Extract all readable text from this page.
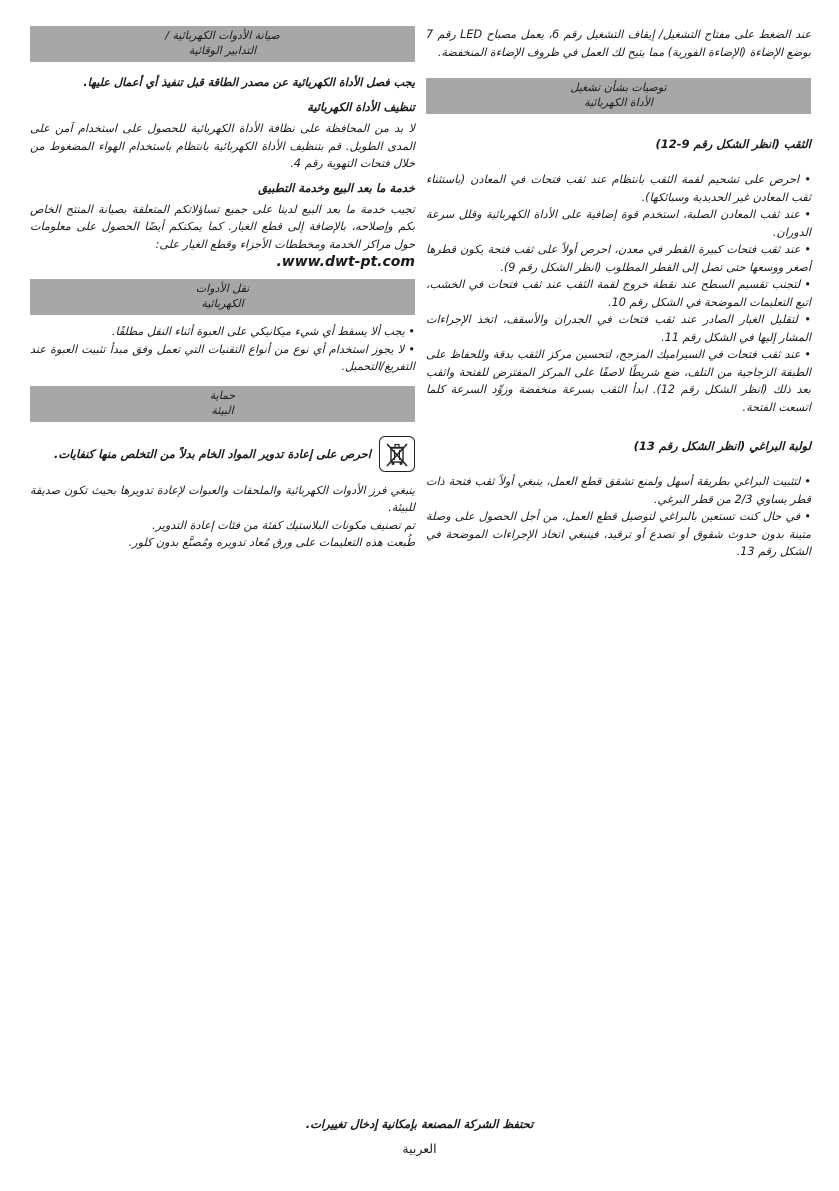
عند الضغط على مفتاح التشغيل/ إيقاف التشغيل رقم 6، يعمل مصباح LED رقم 7 بوضع الإضاءة (الإضاءة الفورية) مما يتيح لك العمل في ظروف الإضاءة المنخفضة.

توصيات بشأن تشغيل
الأداة الكهربائية
الثقب (انظر الشكل رقم 9-12)
• احرص على تشحيم لقمة الثقب بانتظام عند ثقب فتحات في المعادن (باستثناء ثقب المعادن غير الحديدية وسبائكها).
• عند ثقب المعادن الصلبة، استخدم قوة إضافية على الأداة الكهربائية وقلل سرعة الدوران.
• عند ثقب فتحات كبيرة القطر في معدن، احرص أولاً على ثقب فتحة يكون قطرها أصغر ووسعها حتى تصل إلى القطر المطلوب (انظر الشكل رقم 9).
• لتجنب تقسيم السطح عند نقطة خروج لقمة الثقب عند ثقب فتحات في الخشب، اتبع التعليمات الموضحة في الشكل رقم 10.
• لتقليل الغبار الصادر عند ثقب فتحات في الجدران والأسقف، اتخذ الإجراءات المشار إليها في الشكل رقم 11.
• عند ثقب فتحات في السيراميك المزجج، لتحسين مركز الثقب بدقة وللحفاظ على الطبقة الزجاجية من التلف، ضع شريطًا لاصقًا على المركز المفترض للفتحة واثقب بعد ذلك (انظر الشكل رقم 12). ابدأ الثقب بسرعة منخفضة وزوِّد السرعة كلما اتسعت الفتحة.
لولبة البراغي (انظر الشكل رقم 13)
• لتثبيت البراغي بطريقة أسهل ولمنع تشقق قطع العمل، ينبغي أولاً ثقب فتحة ذات قطر يساوي 2/3 من قطر البرغي.
• في حال كنت تستعين بالبراغي لتوصيل قطع العمل، من أجل الحصول على وصلة متينة بدون حدوث شقوق أو تصدع أو ترقيد، فينبغي اتخاذ الإجراءات الموضحة في الشكل رقم 13.
صيانة الأدوات الكهربائية /
التدابير الوقائية
يجب فصل الأداة الكهربائية عن مصدر الطاقة قبل تنفيذ أي أعمال عليها.
تنظيف الأداة الكهربائية

لا بد من المحافظة على نظافة الأداة الكهربائية للحصول على استخدام آمن على المدى الطويل. قم بتنظيف الأداة الكهربائية بانتظام باستخدام الهواء المضغوط من خلال فتحات التهوية رقم 4.

خدمة ما بعد البيع وخدمة التطبيق

تجيب خدمة ما بعد البيع لدينا على جميع تساؤلاتكم المتعلقة بصيانة المنتج الخاص بكم وإصلاحه، بالإضافة إلى قطع الغيار. كما يمكنكم أيضًا الحصول على معلومات حول مراكز الخدمة ومخططات الأجزاء وقطع الغيار على:

www.dwt-pt.com.
نقل الأدوات
الكهربائية
• يجب ألا يسقط أي شيء ميكانيكي على العبوة أثناء النقل مطلقًا.
• لا يجوز استخدام أي نوع من أنواع التقنيات التي تعمل وفق مبدأ تثبيت العبوة عند التفريغ/التحميل.
حماية
البيئة
احرص على إعادة تدوير المواد الخام بدلاً من التخلص منها كنفايات.

ينبغي فرز الأدوات الكهربائية والملحقات والعبوات لإعادة تدويرها بحيث تكون صديقة للبيئة.

تم تصنيف مكونات البلاستيك كفئة من فئات إعادة التدوير.

طُبعت هذه التعليمات على ورق مُعاد تدويره ومُصنَّع بدون كلور.

تحتفظ الشركة المصنعة بإمكانية إدخال تغييرات.
العربية
